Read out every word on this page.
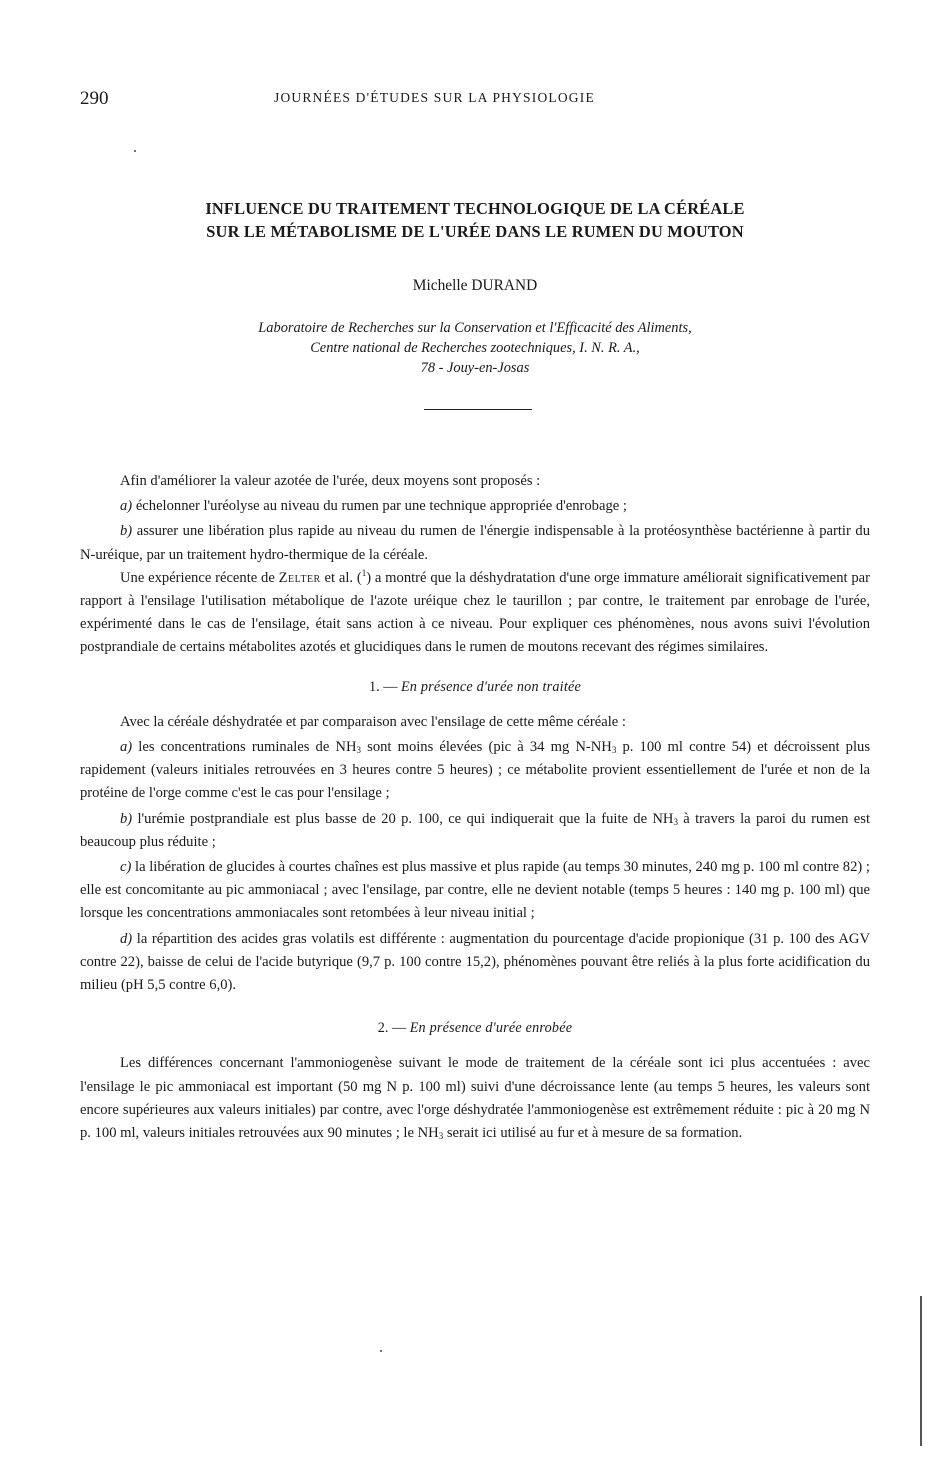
290	JOURNÉES D'ÉTUDES SUR LA PHYSIOLOGIE
INFLUENCE DU TRAITEMENT TECHNOLOGIQUE DE LA CÉRÉALE
SUR LE MÉTABOLISME DE L'URÉE DANS LE RUMEN DU MOUTON
Michelle DURAND
Laboratoire de Recherches sur la Conservation et l'Efficacité des Aliments,
Centre national de Recherches zootechniques, I. N. R. A.,
78 - Jouy-en-Josas

Afin d'améliorer la valeur azotée de l'urée, deux moyens sont proposés :

a) échelonner l'uréolyse au niveau du rumen par une technique appropriée d'enrobage ;

b) assurer une libération plus rapide au niveau du rumen de l'énergie indispensable à la protéosynthèse bactérienne à partir du N-uréique, par un traitement hydro-thermique de la céréale.

Une expérience récente de Zelter et al. ($^1$) a montré que la déshydratation d'une orge immature améliorait significativement par rapport à l'ensilage l'utilisation métabolique de l'azote uréique chez le taurillon ; par contre, le traitement par enrobage de l'urée, expérimenté dans le cas de l'ensilage, était sans action à ce niveau. Pour expliquer ces phénomènes, nous avons suivi l'évolution postprandiale de certains métabolites azotés et glucidiques dans le rumen de moutons recevant des régimes similaires.

1. — En présence d'urée non traitée

Avec la céréale déshydratée et par comparaison avec l'ensilage de cette même céréale :

a) les concentrations ruminales de $NH_3$ sont moins élevées (pic à 34 mg $N-NH_3$ p. 100 ml contre 54) et décroissent plus rapidement (valeurs initiales retrouvées en 3 heures contre 5 heures) ; ce métabolite provient essentiellement de l'urée et non de la protéine de l'orge comme c'est le cas pour l'ensilage ;

b) l'urémie postprandiale est plus basse de 20 p. 100, ce qui indiquerait que la fuite de $NH_3$ à travers la paroi du rumen est beaucoup plus réduite ;

c) la libération de glucides à courtes chaînes est plus massive et plus rapide (au temps 30 minutes, 240 mg p. 100 ml contre 82) ; elle est concomitante au pic ammoniacal ; avec l'ensilage, par contre, elle ne devient notable (temps 5 heures : 140 mg p. 100 ml) que lorsque les concentrations ammoniacales sont retombées à leur niveau initial ;

d) la répartition des acides gras volatils est différente : augmentation du pourcentage d'acide propionique (31 p. 100 des AGV contre 22), baisse de celui de l'acide butyrique (9,7 p. 100 contre 15,2), phénomènes pouvant être reliés à la plus forte acidification du milieu (pH 5,5 contre 6,0).

2. — En présence d'urée enrobée

Les différences concernant l'ammoniogenèse suivant le mode de traitement de la céréale sont ici plus accentuées : avec l'ensilage le pic ammoniacal est important (50 mg N p. 100 ml) suivi d'une décroissance lente (au temps 5 heures, les valeurs sont encore supérieures aux valeurs initiales) par contre, avec l'orge déshydratée l'ammoniogenèse est extrêmement réduite : pic à 20 mg N p. 100 ml, valeurs initiales retrouvées aux 90 minutes ; le $NH_3$ serait ici utilisé au fur et à mesure de sa formation.
